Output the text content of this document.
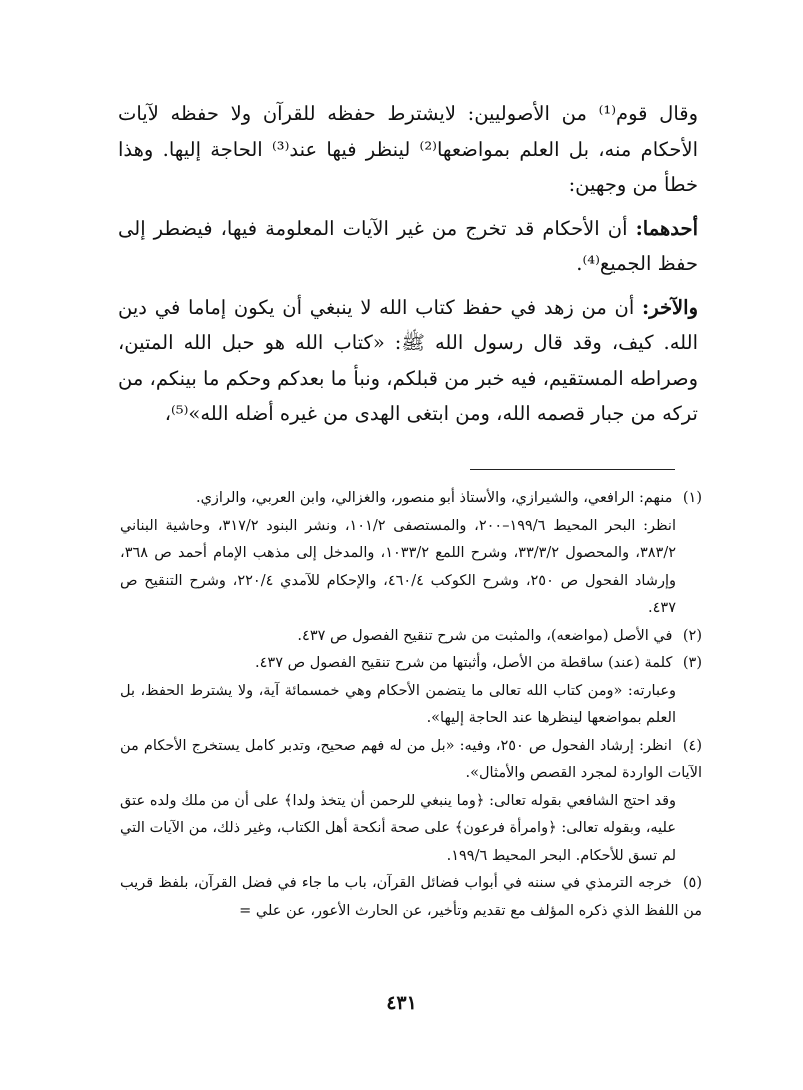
وقال قوم⁽¹⁾ من الأصوليين: لايشترط حفظه للقرآن ولا حفظه لآيات الأحكام منه، بل العلم بمواضعها⁽²⁾ لينظر فيها عند⁽³⁾ الحاجة إليها. وهذا خطأ من وجهين:

أحدهما: أن الأحكام قد تخرج من غير الآيات المعلومة فيها، فيضطر إلى حفظ الجميع⁽⁴⁾.

والآخر: أن من زهد في حفظ كتاب الله لا ينبغي أن يكون إماما في دين الله. كيف، وقد قال رسول الله ﷺ: «كتاب الله هو حبل الله المتين، وصراطه المستقيم، فيه خبر من قبلكم، ونبأ ما بعدكم وحكم ما بينكم، من تركه من جبار قصمه الله، ومن ابتغى الهدى من غيره أضله الله»⁽⁵⁾،

(١) منهم: الرافعي، والشيرازي، والأستاذ أبو منصور، والغزالي، وابن العربي، والرازي.

انظر: البحر المحيط ١٩٩/٦–٢٠٠، والمستصفى ١٠١/٢، ونشر البنود ٣١٧/٢، وحاشية البناني ٣٨٣/٢، والمحصول ٣٣/٣/٢، وشرح اللمع ١٠٣٣/٢، والمدخل إلى مذهب الإمام أحمد ص ٣٦٨، وإرشاد الفحول ص ٢٥٠، وشرح الكوكب ٤٦٠/٤، والإحكام للآمدي ٢٢٠/٤، وشرح التنقيح ص ٤٣٧.

(٢) في الأصل (مواضعه)، والمثبت من شرح تنقيح الفصول ص ٤٣٧.

(٣) كلمة (عند) ساقطة من الأصل، وأثبتها من شرح تنقيح الفصول ص ٤٣٧.

وعبارته: «ومن كتاب الله تعالى ما يتضمن الأحكام وهي خمسمائة آية، ولا يشترط الحفظ، بل العلم بمواضعها لينظرها عند الحاجة إليها».

(٤) انظر: إرشاد الفحول ص ٢٥٠، وفيه: «بل من له فهم صحيح، وتدبر كامل يستخرج الأحكام من الآيات الواردة لمجرد القصص والأمثال».

وقد احتج الشافعي بقوله تعالى: ﴿وما ينبغي للرحمن أن يتخذ ولدا﴾ على أن من ملك ولده عتق عليه، وبقوله تعالى: ﴿وامرأة فرعون﴾ على صحة أنكحة أهل الكتاب، وغير ذلك، من الآيات التي لم تسق للأحكام. البحر المحيط ١٩٩/٦.

(٥) خرجه الترمذي في سننه في أبواب فضائل القرآن، باب ما جاء في فضل القرآن، بلفظ قريب من اللفظ الذي ذكره المؤلف مع تقديم وتأخير، عن الحارث الأعور، عن علي =

٤٣١
